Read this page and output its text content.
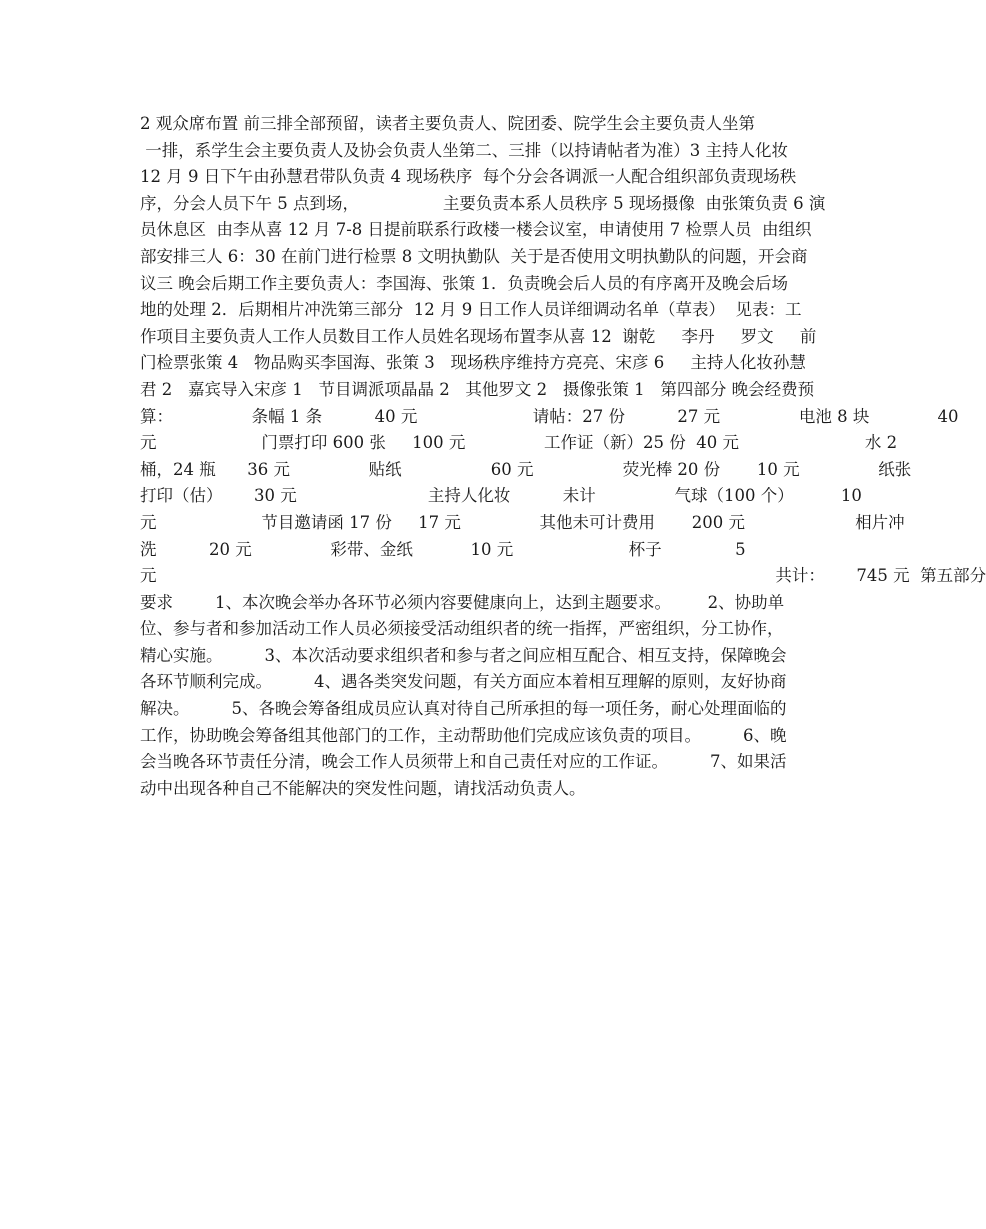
2 观众席布置 前三排全部预留，读者主要负责人、院团委、院学生会主要负责人坐第
一排，系学生会主要负责人及协会负责人坐第二、三排（以持请帖者为准）3 主持人化妆
12 月 9 日下午由孙慧君带队负责 4 现场秩序  每个分会各调派一人配合组织部负责现场秩
序，分会人员下午 5 点到场，                主要负责本系人员秩序 5 现场摄像  由张策负责 6 演
员休息区  由李从喜 12 月 7-8 日提前联系行政楼一楼会议室，申请使用 7 检票人员  由组织
部安排三人 6：30 在前门进行检票 8 文明执勤队  关于是否使用文明执勤队的问题，开会商
议三 晚会后期工作主要负责人：李国海、张策 1．负责晚会后人员的有序离开及晚会后场
地的处理 2．后期相片冲洗第三部分  12 月 9 日工作人员详细调动名单（草表）  见表：工
作项目主要负责人工作人员数目工作人员姓名现场布置李从喜 12  谢乾     李丹     罗文     前
门检票张策 4   物品购买李国海、张策 3   现场秩序维持方亮亮、宋彦 6     主持人化妆孙慧
君 2   嘉宾导入宋彦 1   节目调派项晶晶 2   其他罗文 2   摄像张策 1   第四部分 晚会经费预
算：               条幅 1 条          40 元                      请帖：27 份          27 元               电池 8 块             40
元                    门票打印 600 张     100 元               工作证（新）25 份  40 元                        水 2
桶，24 瓶      36 元               贴纸                 60 元                 荧光棒 20 份       10 元               纸张
打印（估）      30 元                         主持人化妆          未计               气球（100 个）         10
元                    节目邀请函 17 份     17 元               其他未可计费用       200 元                     相片冲
洗          20 元               彩带、金纸           10 元                      杯子              5
元                                                                                                                      共计：      745 元  第五部分
要求        1、本次晚会举办各环节必须内容要健康向上，达到主题要求。       2、协助单
位、参与者和参加活动工作人员必须接受活动组织者的统一指挥，严密组织，分工协作，
精心实施。        3、本次活动要求组织者和参与者之间应相互配合、相互支持，保障晚会
各环节顺利完成。        4、遇各类突发问题，有关方面应本着相互理解的原则，友好协商
解决。        5、各晚会筹备组成员应认真对待自己所承担的每一项任务，耐心处理面临的
工作，协助晚会筹备组其他部门的工作，主动帮助他们完成应该负责的项目。        6、晚
会当晚各环节责任分清，晚会工作人员须带上和自己责任对应的工作证。        7、如果活
动中出现各种自己不能解决的突发性问题，请找活动负责人。
